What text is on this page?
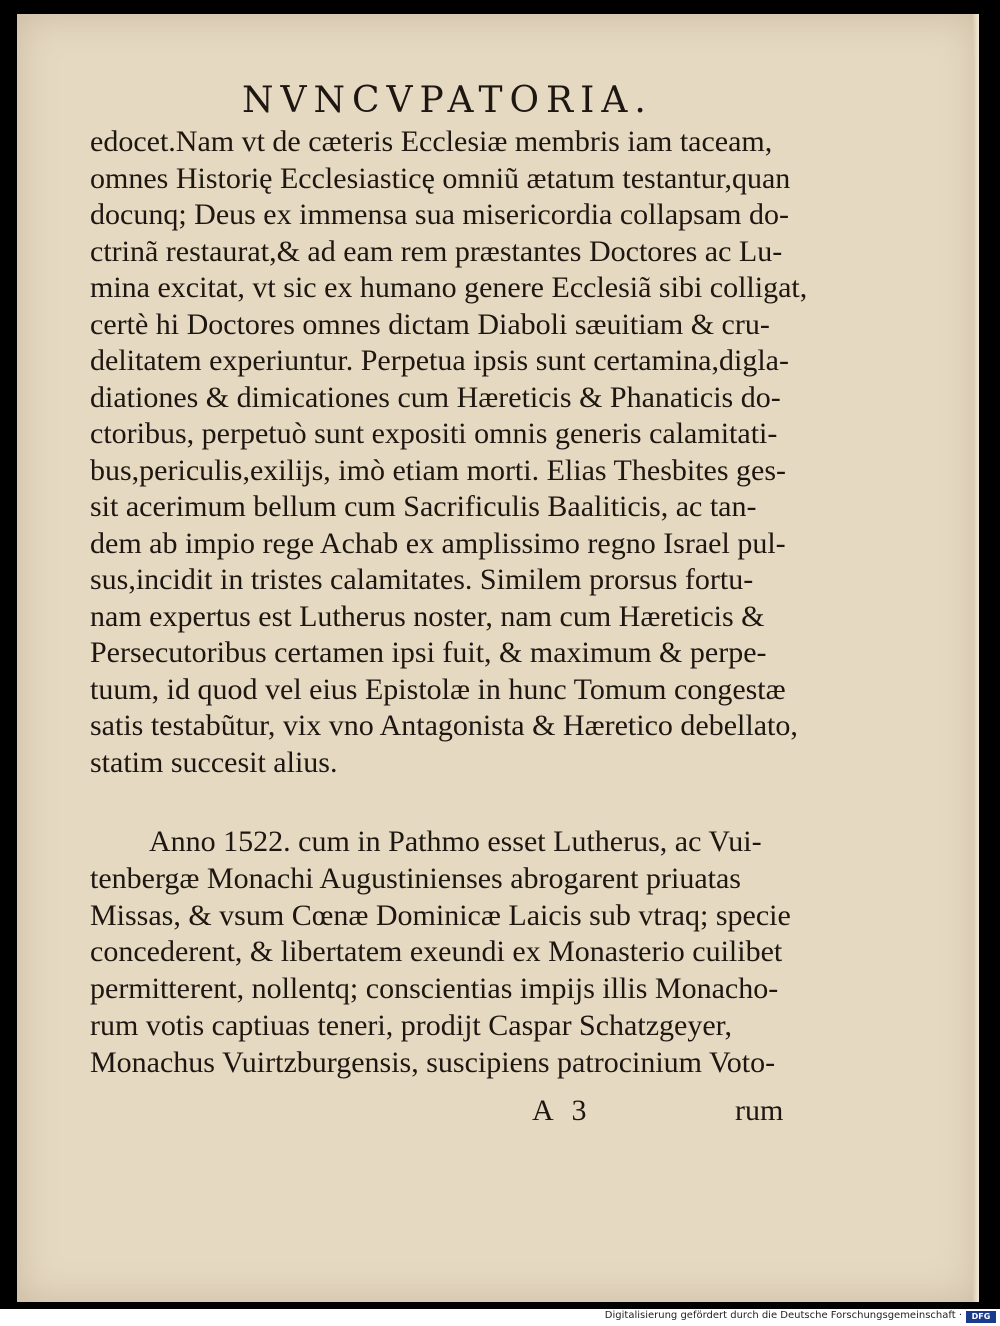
NVNCVPATORIA.
edocet.Nam vt de cæteris Ecclesiæ membris iam taceam,
omnes Historię Ecclesiasticę omniũ ætatum testantur,quan
docunq; Deus ex immensa sua misericordia collapsam do-
ctrinã restaurat,& ad eam rem præstantes Doctores ac Lu-
mina excitat, vt sic ex humano genere Ecclesiã sibi colligat,
certè hi Doctores omnes dictam Diaboli sæuitiam & cru-
delitatem experiuntur. Perpetua ipsis sunt certamina,digla-
diationes & dimicationes cum Hæreticis & Phanaticis do-
ctoribus, perpetuò sunt expositi omnis generis calamitati-
bus,periculis,exilijs, imò etiam morti. Elias Thesbites ges-
sit acerimum bellum cum Sacrificulis Baaliticis, ac tan-
dem ab impio rege Achab ex amplissimo regno Israel pul-
sus,incidit in tristes calamitates. Similem prorsus fortu-
nam expertus est Lutherus noster, nam cum Hæreticis &
Persecutoribus certamen ipsi fuit, & maximum & perpe-
tuum, id quod vel eius Epistolæ in hunc Tomum congestæ
satis testabũtur, vix vno Antagonista & Hæretico debellato,
statim succesit alius.
Anno 1522. cum in Pathmo esset Lutherus, ac Vui-
tenbergæ Monachi Augustinienses abrogarent priuatas
Missas, & vsum Cœnæ Dominicæ Laicis sub vtraq; specie
concederent, & libertatem exeundi ex Monasterio cuilibet
permitterent, nollentq; conscientias impijs illis Monacho-
rum votis captiuas teneri, prodijt Caspar Schatzgeyer,
Monachus Vuirtzburgensis, suscipiens patrocinium Voto-
A 3	rum
Digitalisierung gefördert durch die Deutsche Forschungsgemeinschaft ·	DFG
